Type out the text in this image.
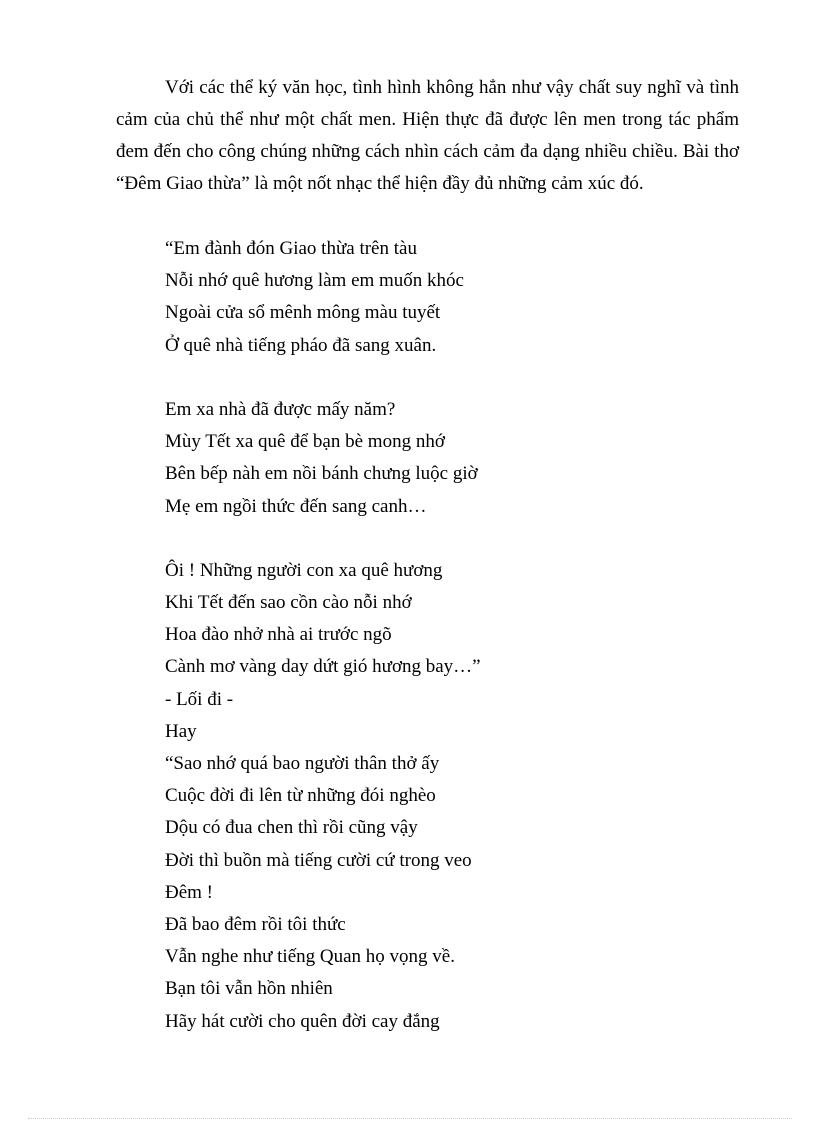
Với các thể ký văn học, tình hình không hẳn như vậy chất suy nghĩ và tình cảm của chủ thể như một chất men. Hiện thực đã được lên men trong tác phẩm đem đến cho công chúng những cách nhìn cách cảm đa dạng nhiều chiều. Bài thơ “Đêm Giao thừa” là một nốt nhạc thể hiện đầy đủ những cảm xúc đó.

“Em đành đón Giao thừa trên tàu
Nỗi nhớ quê hương làm em muốn khóc
Ngoài cửa sổ mênh mông màu tuyết
Ở quê nhà tiếng pháo đã sang xuân.
Em xa nhà đã được mấy năm?
Mùy Tết xa quê để bạn bè mong nhớ
Bên bếp nàh em nồi bánh chưng luộc giờ
Mẹ em ngồi thức đến sang canh…
Ôi ! Những người con xa quê hương
Khi Tết đến sao cồn cào nỗi nhớ
Hoa đào nhở nhà ai trước ngõ
Cành mơ vàng day dứt gió hương bay…”
- Lối đi -
Hay
“Sao nhớ quá bao người thân thở ấy
Cuộc đời đi lên từ những đói nghèo
Dộu có đua chen thì rồi cũng vậy
Đời thì buồn mà tiếng cười cứ trong veo
Đêm !
Đã bao đêm rồi tôi thức
Vẫn nghe như tiếng Quan họ vọng về.
Bạn tôi vẫn hồn nhiên
Hãy hát cười cho quên đời cay đắng
